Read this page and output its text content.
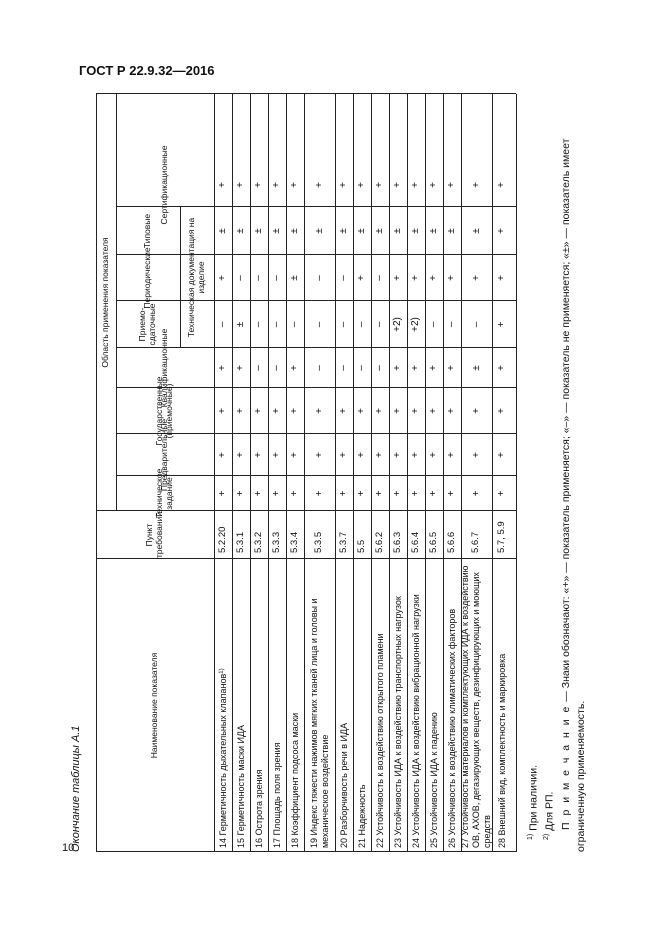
ГОСТ Р 22.9.32—2016
10
Окончание таблицы А.1
Наименование показателя
Пункт требований
Область применения показателя
Техническое задание
Предварительные
Государственные (приемочные)
Квалификационные
Приемо-сдаточные
Периодические
Типовые
Сертификационные
Техническая документация на изделие
14 Герметичность дыхательных клапанов
1)
5.2.20
+
+
+
+
–
+
±
+
15 Герметичность маски ИДА
5.3.1
+
+
+
+
±
–
±
+
16 Острота зрения
5.3.2
+
+
+
–
–
–
±
+
17 Площадь поля зрения
5.3.3
+
+
+
–
–
–
±
+
18 Коэффициент подсоса маски
5.3.4
+
+
+
+
–
±
±
+
19 Индекс тяжести нажимов мягких тканей лица и головы и механическое воздействие
5.3.5
+
+
+
–
–
–
±
+
20 Разборчивость речи в ИДА
5.3.7
+
+
+
–
–
–
±
+
21 Надежность
5.5
+
+
+
–
–
+
±
+
22 Устойчивость к воздействию открытого пламени
5.6.2
+
+
+
–
–
–
±
+
23 Устойчивость ИДА к воздействию транспортных нагрузок
5.6.3
+
+
+
+
+2)
+
±
+
24 Устойчивость ИДА к воздействию вибрационной нагрузки
5.6.4
+
+
+
+
+2)
+
±
+
25 Устойчивость ИДА к падению
5.6.5
+
+
+
+
–
+
±
+
26 Устойчивость к воздействию климатических факторов
5.6.6
+
+
+
+
–
+
±
+
27 Устойчивость материалов и комплектующих ИДА к воздействию ОВ, АХОВ, дегазирующих веществ, дезинфицирующих и моющих средств
5.6.7
+
+
+
±
–
+
±
+
28 Внешний вид, комплектность и маркировка
5.7, 5.9
+
+
+
+
+
+
+
+
$^{1)}$ При наличии.
$^{2)}$ Для РП. П р и м е ч а н и е — Знаки обозначают: «+» — показатель применяется; «–» — показатель не применяется; «±» — показатель имеет ограниченную применяемость.
